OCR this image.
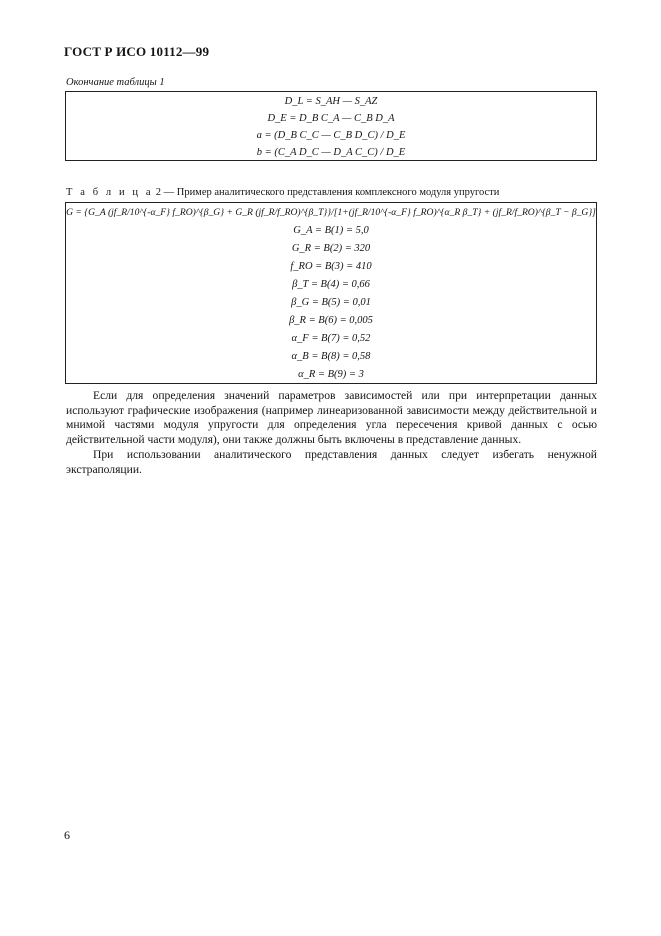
ГОСТ Р ИСО 10112—99
Окончание таблицы 1
D_L = S_AH — S_AZ
D_E = D_B C_A — C_B D_A
a = (D_B C_C — C_B D_C) / D_E
b = (C_A D_C — D_A C_C) / D_E
Т а б л и ц а 2 — Пример аналитического представления комплексного модуля упругости
G = {G_A (jf_R/10^{-α_F} f_RO)^{β_G} + G_R (jf_R/f_RO)^{β_T}}/[1+(jf_R/10^{-α_F} f_RO)^{α_R β_T} + (jf_R/f_RO)^{β_T − β_G}]
G_A = B(1) = 5,0
G_R = B(2) = 320
f_RO = B(3) = 410
β_T = B(4) = 0,66
β_G = B(5) = 0,01
β_R = B(6) = 0,005
α_F = B(7) = 0,52
α_B = B(8) = 0,58
α_R = B(9) = 3
Если для определения значений параметров зависимостей или при интерпретации данных используют графические изображения (например линеаризованной зависимости между действительной и мнимой частями модуля упругости для определения угла пересечения кривой данных с осью действительной части модуля), они также должны быть включены в представление данных.
При использовании аналитического представления данных следует избегать ненужной экстраполяции.
6
